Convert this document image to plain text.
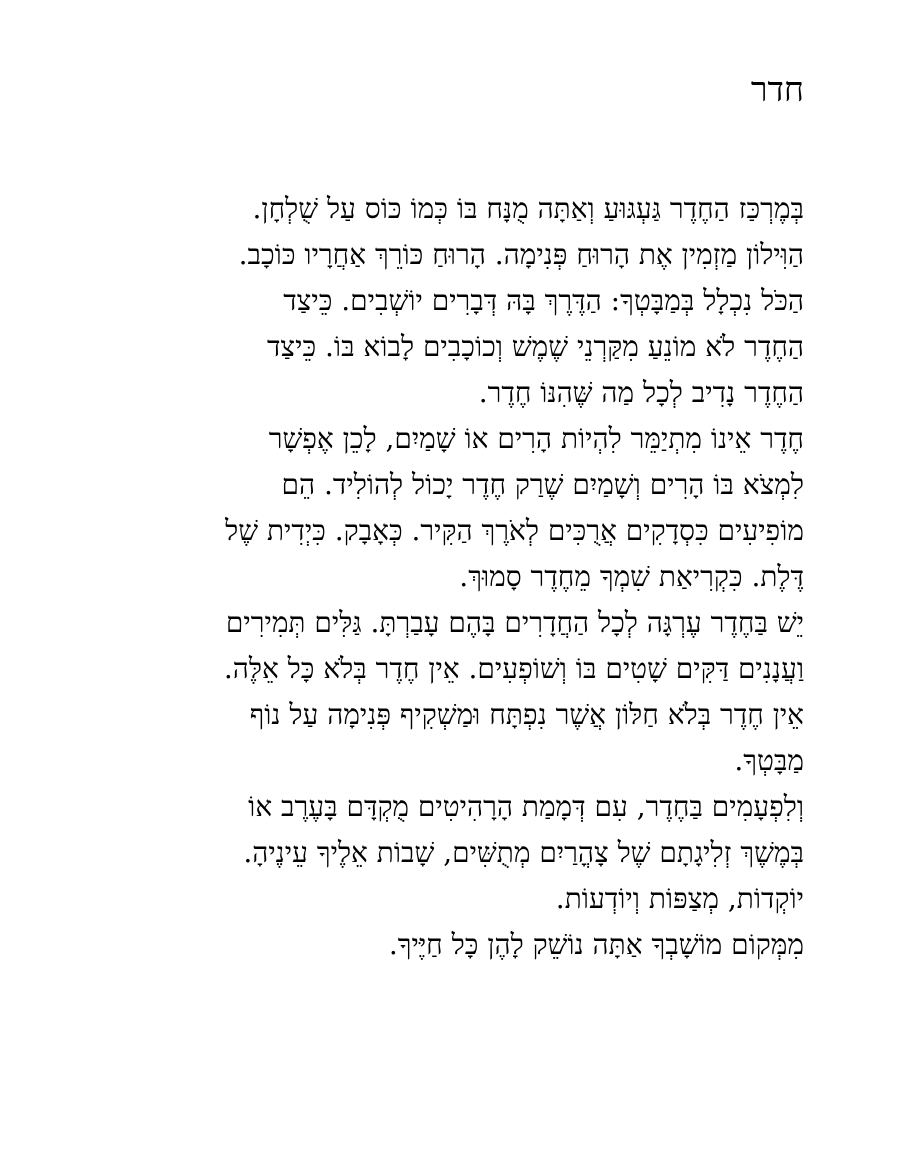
חדר
בְּמֶרְכַּז הַחֶדֶר גַּעְגּוּעַ וְאַתָּה מֻנָּח בּוֹ כְּמוֹ כּוֹס עַל שֻׁלְחָן.
הַוִּילוֹן מַזְמִין אֶת הָרוּחַ פְּנִימָה. הָרוּחַ כּוֹרֵךְ אַחֲרָיו כּוֹכָב.
הַכֹּל נִכְלָל בְּמַבָּטְךָ: הַדֶּרֶךְ בָּהּ דְּבָרִים יוֹשְׁבִים. כֵּיצַד
הַחֶדֶר לֹא מוֹנֵעַ מִקַּרְנֵי שֶׁמֶשׁ וְכוֹכָבִים לָבוֹא בּוֹ. כֵּיצַד
הַחֶדֶר נָדִיב לְכָל מַה שֶּׁהִנּוֹ חֶדֶר.
חֶדֶר אֵינוֹ מִתְיַמֵּר לִהְיוֹת הָרִים אוֹ שָׁמַיִם, לָכֵן אֶפְשָׁר
לִמְצֹא בּוֹ הָרִים וְשָׁמַיִם שֶׁרַק חֶדֶר יָכוֹל לְהוֹלִיד. הֵם
מוֹפִיעִים כִּסְדָקִים אֲרֻכִּים לְאֹרֶךְ הַקִּיר. כְּאָבָק. כִּיְדִית שֶׁל
דֶּלֶת. כִּקְרִיאַת שִׁמְךָ מֵחֶדֶר סָמוּךְ.
יֵשׁ בַּחֶדֶר עֶרְגָּה לְכָל הַחֲדָרִים בָּהֶם עָבַרְתָּ. גַּלִּים תְּמִירִים
וַעֲנָנִים דַּקִּים שָׁטִים בּוֹ וְשׁוֹפְעִים. אֵין חֶדֶר בְּלֹא כָּל אֵלֶּה.
אֵין חֶדֶר בְּלֹא חַלּוֹן אֲשֶׁר נִפְתָּח וּמַשְׁקִיף פְּנִימָה עַל נוֹף
מַבָּטְךָ.
וְלִפְעָמִים בַּחֶדֶר, עִם דְּמָמַת הָרָהִיטִים מֻקְדָּם בָּעֶרֶב אוֹ
בְּמֶשֶׁךְ זְלִיגָתָם שֶׁל צָהֳרַיִם מְתֻשִּׁים, שָׁבוֹת אֵלֶיךָ עֵינֶיהָ.
יוֹקְדוֹת, מְצַפּוֹת וְיוֹדְעוֹת.
מִמְּקוֹם מוֹשָׁבְךָ אַתָּה נוֹשֵׁק לָהֶן כָּל חַיֶּיךָ.
